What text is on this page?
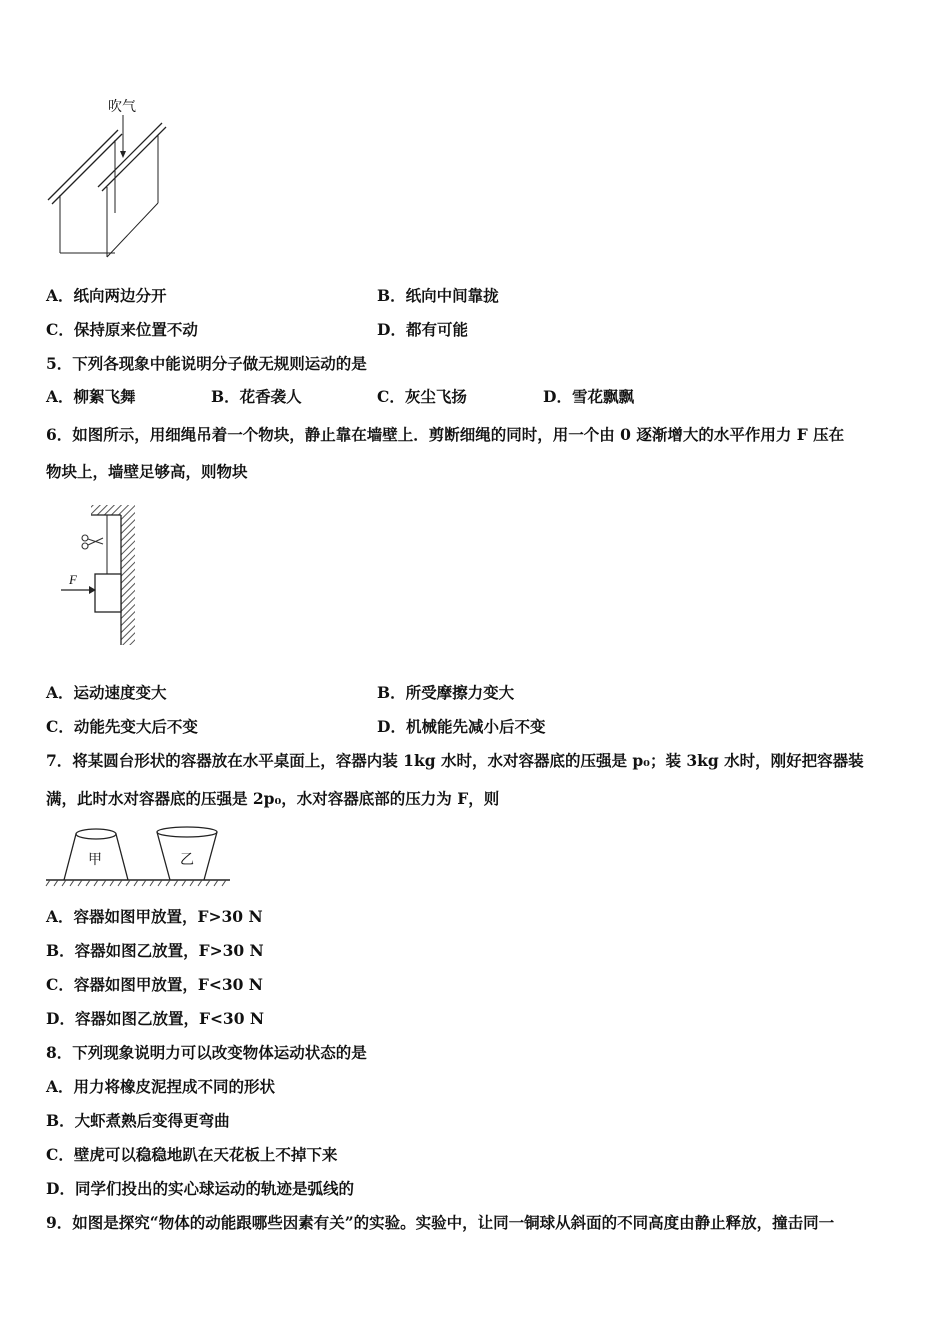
吹气
A．纸向两边分开	B．纸向中间靠拢
C．保持原来位置不动	D．都有可能
5．下列各现象中能说明分子做无规则运动的是
A．柳絮飞舞	B．花香袭人	C．灰尘飞扬	D．雪花飘飘
6．如图所示，用细绳吊着一个物块，静止靠在墙壁上．剪断细绳的同时，用一个由 0 逐渐增大的水平作用力 F 压在
物块上，墙壁足够高，则物块
F
A．运动速度变大	B．所受摩擦力变大
C．动能先变大后不变	D．机械能先减小后不变
7．将某圆台形状的容器放在水平桌面上，容器内装 1kg 水时，水对容器底的压强是 p₀；装 3kg 水时，刚好把容器装
满，此时水对容器底的压强是 2p₀，水对容器底部的压力为 F，则
甲	乙
A．容器如图甲放置，F>30 N
B．容器如图乙放置，F>30 N
C．容器如图甲放置，F<30 N
D．容器如图乙放置，F<30 N
8．下列现象说明力可以改变物体运动状态的是
A．用力将橡皮泥捏成不同的形状
B．大虾煮熟后变得更弯曲
C．壁虎可以稳稳地趴在天花板上不掉下来
D．同学们投出的实心球运动的轨迹是弧线的
9．如图是探究“物体的动能跟哪些因素有关”的实验。实验中，让同一铜球从斜面的不同高度由静止释放，撞击同一
